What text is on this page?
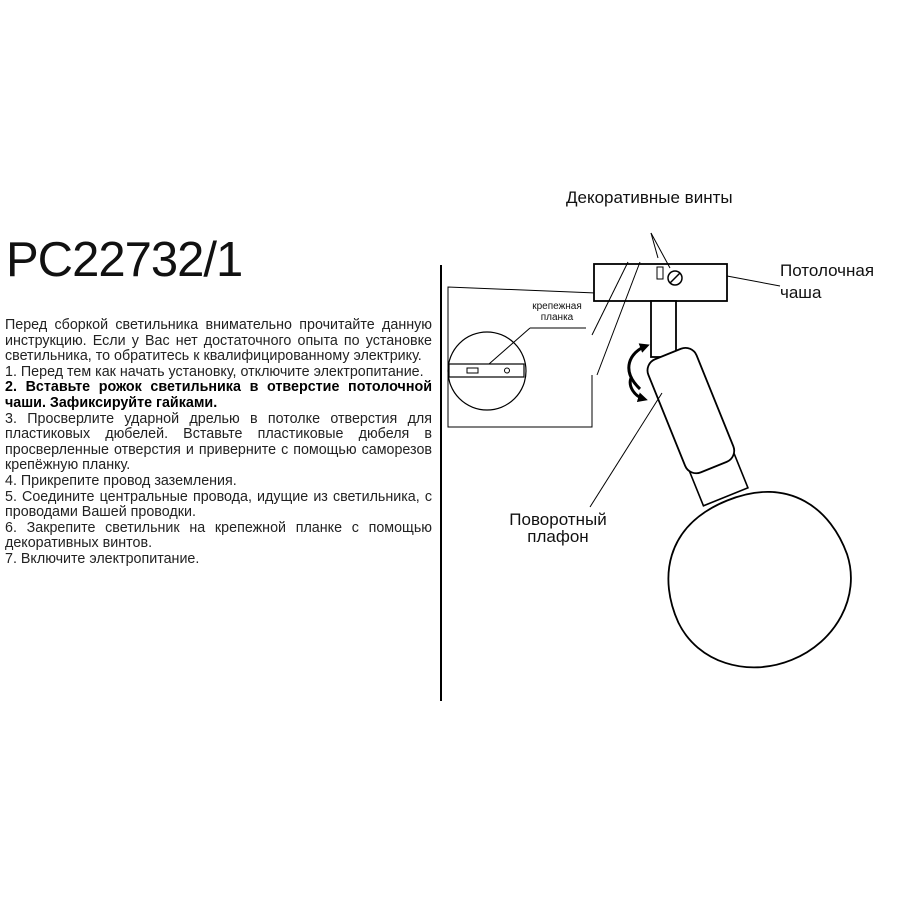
PC22732/1

Перед сборкой светильника внимательно прочитайте данную инструкцию. Если у Вас нет достаточного опыта по установке светильника, то обратитесь к квалифицированному электрику.

1. Перед тем как начать установку, отключите электропитание.

2. Вставьте рожок светильника в отверстие потолочной чаши. Зафиксируйте гайками.

3. Просверлите ударной дрелью в потолке отверстия для пластиковых дюбелей. Вставьте пластиковые дюбеля в просверленные отверстия и приверните с помощью саморезов крепёжную планку.

4. Прикрепите провод заземления.

5. Соедините центральные провода, идущие из светильника, с проводами Вашей проводки.

6. Закрепите светильник на крепежной планке с помощью декоративных винтов.

7. Включите электропитание.

Декоративные винты
Потолочная чаша
крепежная планка
Поворотный плафон
